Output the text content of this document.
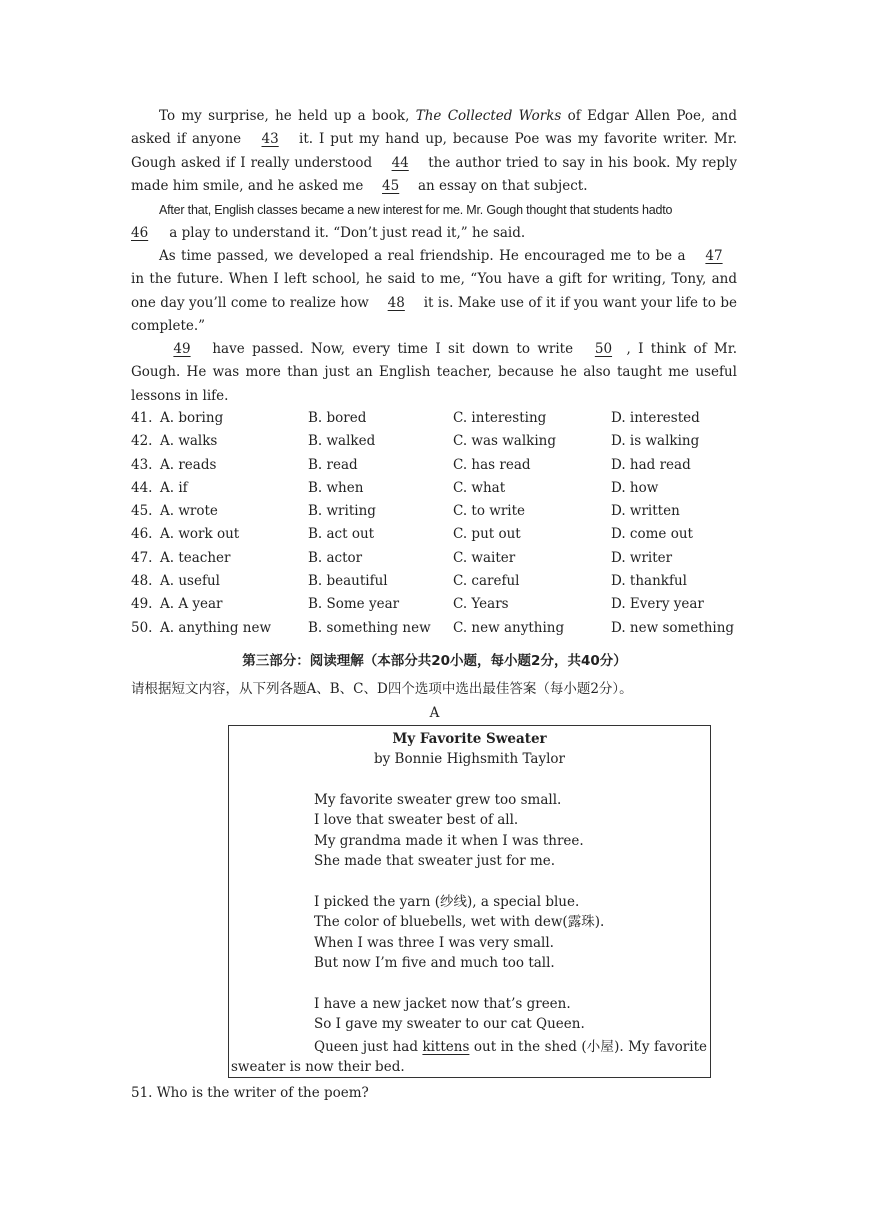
To my surprise, he held up a book, The Collected Works of Edgar Allen Poe, and asked if anyone 43 it. I put my hand up, because Poe was my favorite writer. Mr. Gough asked if I really understood 44 the author tried to say in his book. My reply made him smile, and he asked me 45 an essay on that subject.

After that, English classes became a new interest for me. Mr. Gough thought that students hadto
46 a play to understand it. “Don’t just read it,” he said.

As time passed, we developed a real friendship. He encouraged me to be a 47 in the future. When I left school, he said to me, “You have a gift for writing, Tony, and one day you’ll come to realize how 48 it is. Make use of it if you want your life to be complete.”

49 have passed. Now, every time I sit down to write 50 , I think of Mr. Gough. He was more than just an English teacher, because he also taught me useful lessons in life.

41. A. boring	B. bored	C. interesting	D. interested
42. A. walks	B. walked	C. was walking	D. is walking
43. A. reads	B. read	C. has read	D. had read
44. A. if	B. when	C. what	D. how
45. A. wrote	B. writing	C. to write	D. written
46. A. work out	B. act out	C. put out	D. come out
47. A. teacher	B. actor	C. waiter	D. writer
48. A. useful	B. beautiful	C. careful	D. thankful
49. A. A year	B. Some year	C. Years	D. Every year
50. A. anything new	B. something new C. new anything	D. new something
第三部分：阅读理解（本部分共20小题，每小题2分，共40分）
请根据短文内容，从下列各题A、B、C、D四个选项中选出最佳答案（每小题2分）。
A
My Favorite Sweater
by Bonnie Highsmith Taylor
My favorite sweater grew too small.
I love that sweater best of all.
My grandma made it when I was three.
She made that sweater just for me.
I picked the yarn (纱线), a special blue.
The color of bluebells, wet with dew(露珠).
When I was three I was very small.
But now I’m five and much too tall.
I have a new jacket now that’s green.
So I gave my sweater to our cat Queen.
Queen just had kittens out in the shed (小屋). My favorite sweater is now their bed.
51. Who is the writer of the poem?
